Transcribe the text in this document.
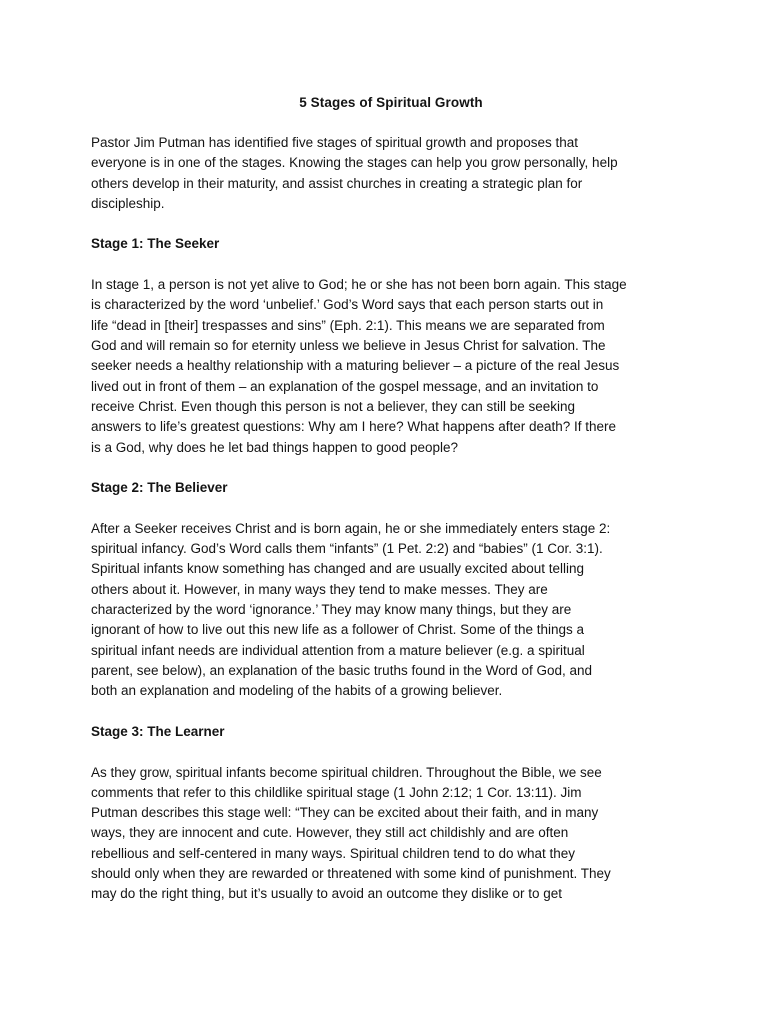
5 Stages of Spiritual Growth
Pastor Jim Putman has identified five stages of spiritual growth and proposes that
everyone is in one of the stages. Knowing the stages can help you grow personally, help
others develop in their maturity, and assist churches in creating a strategic plan for
discipleship.
Stage 1: The Seeker
In stage 1, a person is not yet alive to God; he or she has not been born again. This stage
is characterized by the word ‘unbelief.’ God’s Word says that each person starts out in
life “dead in [their] trespasses and sins” (Eph. 2:1). This means we are separated from
God and will remain so for eternity unless we believe in Jesus Christ for salvation. The
seeker needs a healthy relationship with a maturing believer – a picture of the real Jesus
lived out in front of them – an explanation of the gospel message, and an invitation to
receive Christ. Even though this person is not a believer, they can still be seeking
answers to life’s greatest questions: Why am I here? What happens after death? If there
is a God, why does he let bad things happen to good people?
Stage 2: The Believer
After a Seeker receives Christ and is born again, he or she immediately enters stage 2:
spiritual infancy. God’s Word calls them “infants” (1 Pet. 2:2) and “babies” (1 Cor. 3:1).
Spiritual infants know something has changed and are usually excited about telling
others about it. However, in many ways they tend to make messes. They are
characterized by the word ‘ignorance.’ They may know many things, but they are
ignorant of how to live out this new life as a follower of Christ. Some of the things a
spiritual infant needs are individual attention from a mature believer (e.g. a spiritual
parent, see below), an explanation of the basic truths found in the Word of God, and
both an explanation and modeling of the habits of a growing believer.
Stage 3: The Learner
As they grow, spiritual infants become spiritual children. Throughout the Bible, we see
comments that refer to this childlike spiritual stage (1 John 2:12; 1 Cor. 13:11). Jim
Putman describes this stage well: “They can be excited about their faith, and in many
ways, they are innocent and cute. However, they still act childishly and are often
rebellious and self-centered in many ways. Spiritual children tend to do what they
should only when they are rewarded or threatened with some kind of punishment. They
may do the right thing, but it’s usually to avoid an outcome they dislike or to get
